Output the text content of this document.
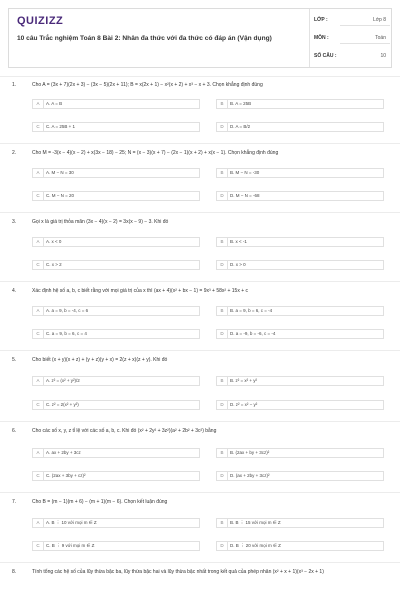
QUIZIZZ
10 câu Trắc nghiệm Toán 8 Bài 2: Nhân đa thức với đa thức có đáp án (Vận dụng)
LỚP :	Lớp 8
MÔN :	Toán
SỐ CÂU :	10
1.	Cho A = (3x + 7)(2x + 3) − (3x − 5)(2x + 11); B = x(2x + 1) − x²(x + 2) + x³ − x + 3. Chọn khẳng định đúng
A	A. A = B	B	B. A = 25B
C	C. A = 25B + 1	D	D. A = B/2
2.	Cho M = -3(x − 4)(x − 2) + x(3x − 18) − 25; N = (x − 3)(x + 7) − (2x − 1)(x + 2) + x(x − 1). Chọn khẳng định đúng
A	A. M − N = 30	B	B. M − N = -30
C	C. M − N = 20	D	D. M − N = -68
3.	Gọi x là giá trị thỏa mãn (3x − 4)(x − 2) = 3x(x − 9) − 3. Khi đó
A	A. x < 0	B	B. x < -1
C	C. x > 2	D	D. x > 0
4.	Xác định hệ số a, b, c biết rằng với mọi giá trị của x thì (ax + 4)(x² + bx − 1) = 9x³ + 58x² + 15x + c
A	A. a = 9, b = -4, c = 6	B	B. a = 9, b = 6, c = -4
C	C. a = 9, b = 6, c = 4	D	D. a = -9, b = -6, c = -4
5.	Cho biết (x + y)(x + z) + (y + z)(y + x) = 2(z + x)(z + y). Khi đó
A	A. z² = (x² + y²)/2	B	B. z² = x² + y²
C	C. z² = 2(x² + y²)	D	D. z² = x² − y²
6.	Cho các số x, y, z tỉ lệ với các số a, b, c. Khi đó (x² + 2y² + 3z²)(a² + 2b² + 3c²) bằng
A	A. ax + 2by + 3cz	B	B. (2ax + by + 3cz)²
C	C. (2ax + 3by + cz)²	D	D. (ax + 2by + 3cz)²
7.	Cho B = (m − 1)(m + 6) − (m + 1)(m − 6). Chọn kết luận đúng
A	A. B ⋮ 10 với mọi m ∈ Z	B	B. B ⋮ 15 với mọi m ∈ Z
C	C. B ⋮ 9 với mọi m ∈ Z	D	D. B ⋮ 20 với mọi m ∈ Z
8.	Tính tổng các hệ số của lũy thừa bậc ba, lũy thừa bậc hai và lũy thừa bậc nhất trong kết quả của phép nhân (x² + x + 1)(x³ − 2x + 1)
